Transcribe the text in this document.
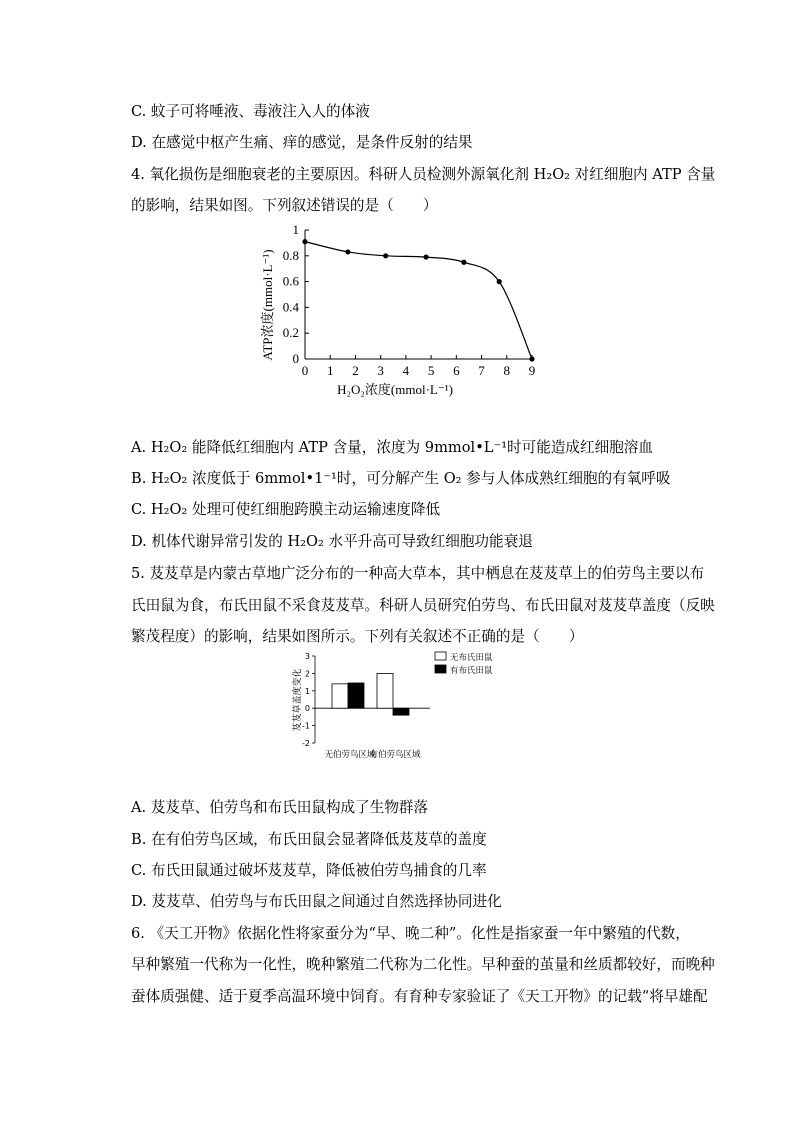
C. 蚊子可将唾液、毒液注入人的体液
D. 在感觉中枢产生痛、痒的感觉，是条件反射的结果
4. 氧化损伤是细胞衰老的主要原因。科研人员检测外源氧化剂 H₂O₂ 对红细胞内 ATP 含量
的影响，结果如图。下列叙述错误的是（　　）
0 1 2 3 4 5 6 7 8 9
0
0.2
0.4
0.6
0.8
1
H₂O₂浓度(mmol·L⁻¹)
ATP浓度(mmol·L⁻¹)
A. H₂O₂ 能降低红细胞内 ATP 含量，浓度为 9mmol•L⁻¹时可能造成红细胞溶血
B. H₂O₂ 浓度低于 6mmol•1⁻¹时，可分解产生 O₂ 参与人体成熟红细胞的有氧呼吸
C. H₂O₂ 处理可使红细胞跨膜主动运输速度降低
D. 机体代谢异常引发的 H₂O₂ 水平升高可导致红细胞功能衰退
5. 芨芨草是内蒙古草地广泛分布的一种高大草本，其中栖息在芨芨草上的伯劳鸟主要以布
氏田鼠为食，布氏田鼠不采食芨芨草。科研人员研究伯劳鸟、布氏田鼠对芨芨草盖度（反映
繁茂程度）的影响，结果如图所示。下列有关叙述不正确的是（　　）
3
2
1
0
-1
-2
无布氏田鼠
有布氏田鼠
无伯劳鸟区域
有伯劳鸟区域
芨芨草盖度变化
A. 芨芨草、伯劳鸟和布氏田鼠构成了生物群落
B. 在有伯劳鸟区域，布氏田鼠会显著降低芨芨草的盖度
C. 布氏田鼠通过破坏芨芨草，降低被伯劳鸟捕食的几率
D. 芨芨草、伯劳鸟与布氏田鼠之间通过自然选择协同进化
6. 《天工开物》依据化性将家蚕分为“早、晚二种”。化性是指家蚕一年中繁殖的代数，
早种繁殖一代称为一化性，晚种繁殖二代称为二化性。早种蚕的茧量和丝质都较好，而晚种
蚕体质强健、适于夏季高温环境中饲育。有育种专家验证了《天工开物》的记载“将早雄配
